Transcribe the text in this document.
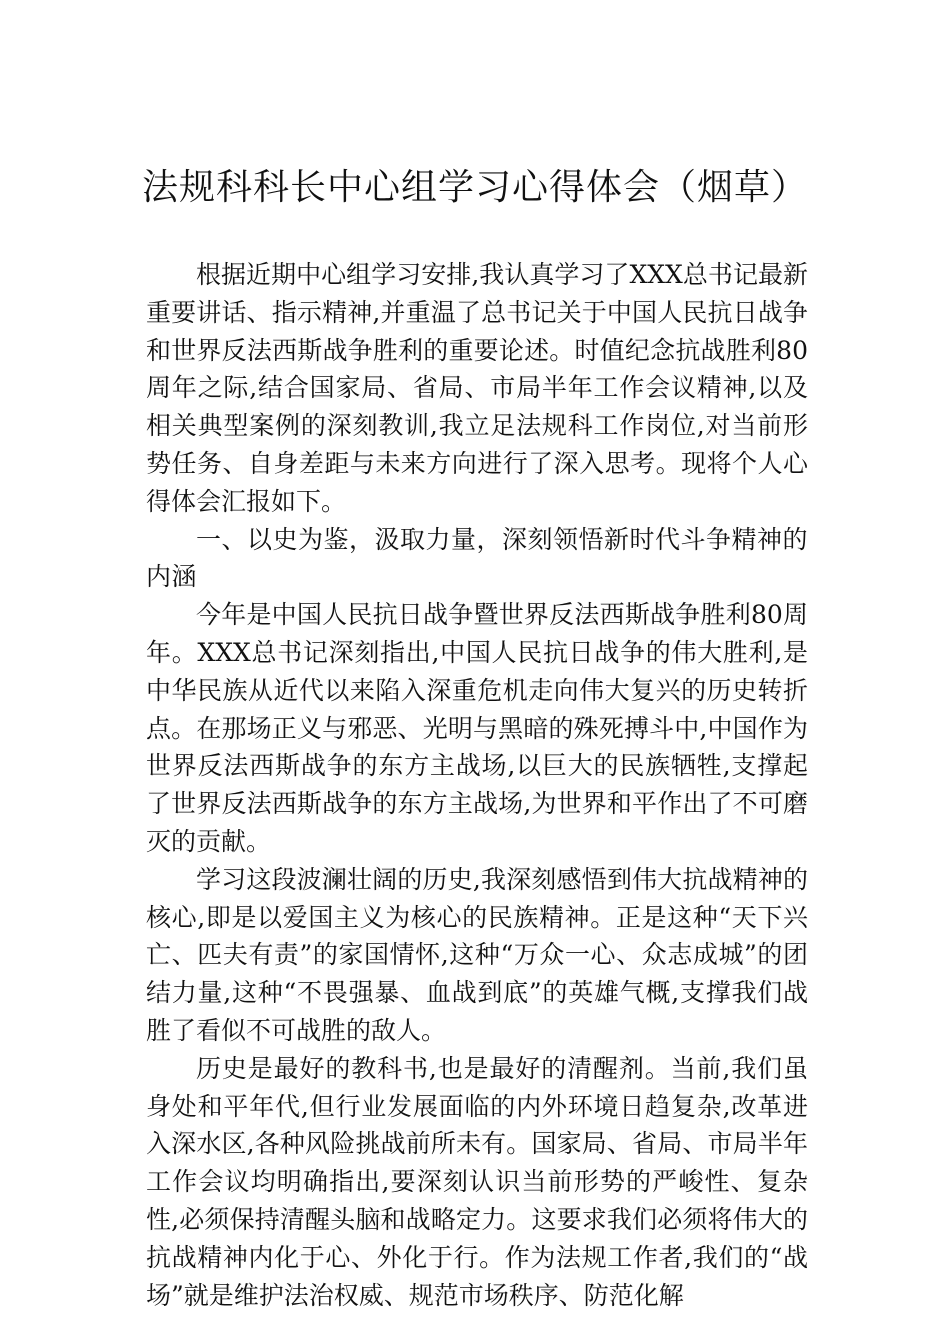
法规科科长中心组学习心得体会（烟草）

根据近期中心组学习安排,我认真学习了XXX总书记最新重要讲话、指示精神,并重温了总书记关于中国人民抗日战争和世界反法西斯战争胜利的重要论述。时值纪念抗战胜利80周年之际,结合国家局、省局、市局半年工作会议精神,以及相关典型案例的深刻教训,我立足法规科工作岗位,对当前形势任务、自身差距与未来方向进行了深入思考。现将个人心得体会汇报如下。

一、以史为鉴，汲取力量，深刻领悟新时代斗争精神的内涵

今年是中国人民抗日战争暨世界反法西斯战争胜利80周年。XXX总书记深刻指出,中国人民抗日战争的伟大胜利,是中华民族从近代以来陷入深重危机走向伟大复兴的历史转折点。在那场正义与邪恶、光明与黑暗的殊死搏斗中,中国作为世界反法西斯战争的东方主战场,以巨大的民族牺牲,支撑起了世界反法西斯战争的东方主战场,为世界和平作出了不可磨灭的贡献。

学习这段波澜壮阔的历史,我深刻感悟到伟大抗战精神的核心,即是以爱国主义为核心的民族精神。正是这种“天下兴亡、匹夫有责”的家国情怀,这种“万众一心、众志成城”的团结力量,这种“不畏强暴、血战到底”的英雄气概,支撑我们战胜了看似不可战胜的敌人。

历史是最好的教科书,也是最好的清醒剂。当前,我们虽身处和平年代,但行业发展面临的内外环境日趋复杂,改革进入深水区,各种风险挑战前所未有。国家局、省局、市局半年工作会议均明确指出,要深刻认识当前形势的严峻性、复杂性,必须保持清醒头脑和战略定力。这要求我们必须将伟大的抗战精神内化于心、外化于行。作为法规工作者,我们的“战场”就是维护法治权威、规范市场秩序、防范化解
